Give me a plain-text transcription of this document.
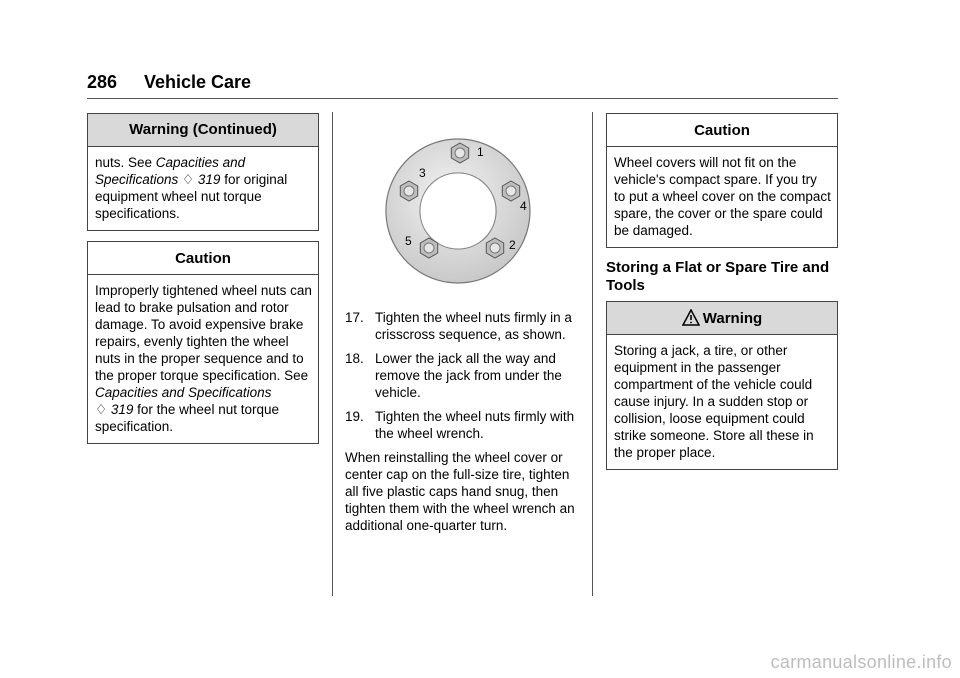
286 Vehicle Care
Warning (Continued)
nuts. See Capacities and Specifications ♢ 319 for original equipment wheel nut torque specifications.
Caution
Improperly tightened wheel nuts can lead to brake pulsation and rotor damage. To avoid expensive brake repairs, evenly tighten the wheel nuts in the proper sequence and to the proper torque specification. See Capacities and Specifications
♢ 319 for the wheel nut torque specification.
1
2
3
4
5
17. Tighten the wheel nuts firmly in a crisscross sequence, as shown.
18. Lower the jack all the way and remove the jack from under the vehicle.
19. Tighten the wheel nuts firmly with the wheel wrench.
When reinstalling the wheel cover or center cap on the full-size tire, tighten all five plastic caps hand snug, then tighten them with the wheel wrench an additional one-quarter turn.
Caution
Wheel covers will not fit on the vehicle's compact spare. If you try to put a wheel cover on the compact spare, the cover or the spare could be damaged.
Storing a Flat or Spare Tire and Tools
Warning
Storing a jack, a tire, or other equipment in the passenger compartment of the vehicle could cause injury. In a sudden stop or collision, loose equipment could strike someone. Store all these in the proper place.
carmanualsonline.info
